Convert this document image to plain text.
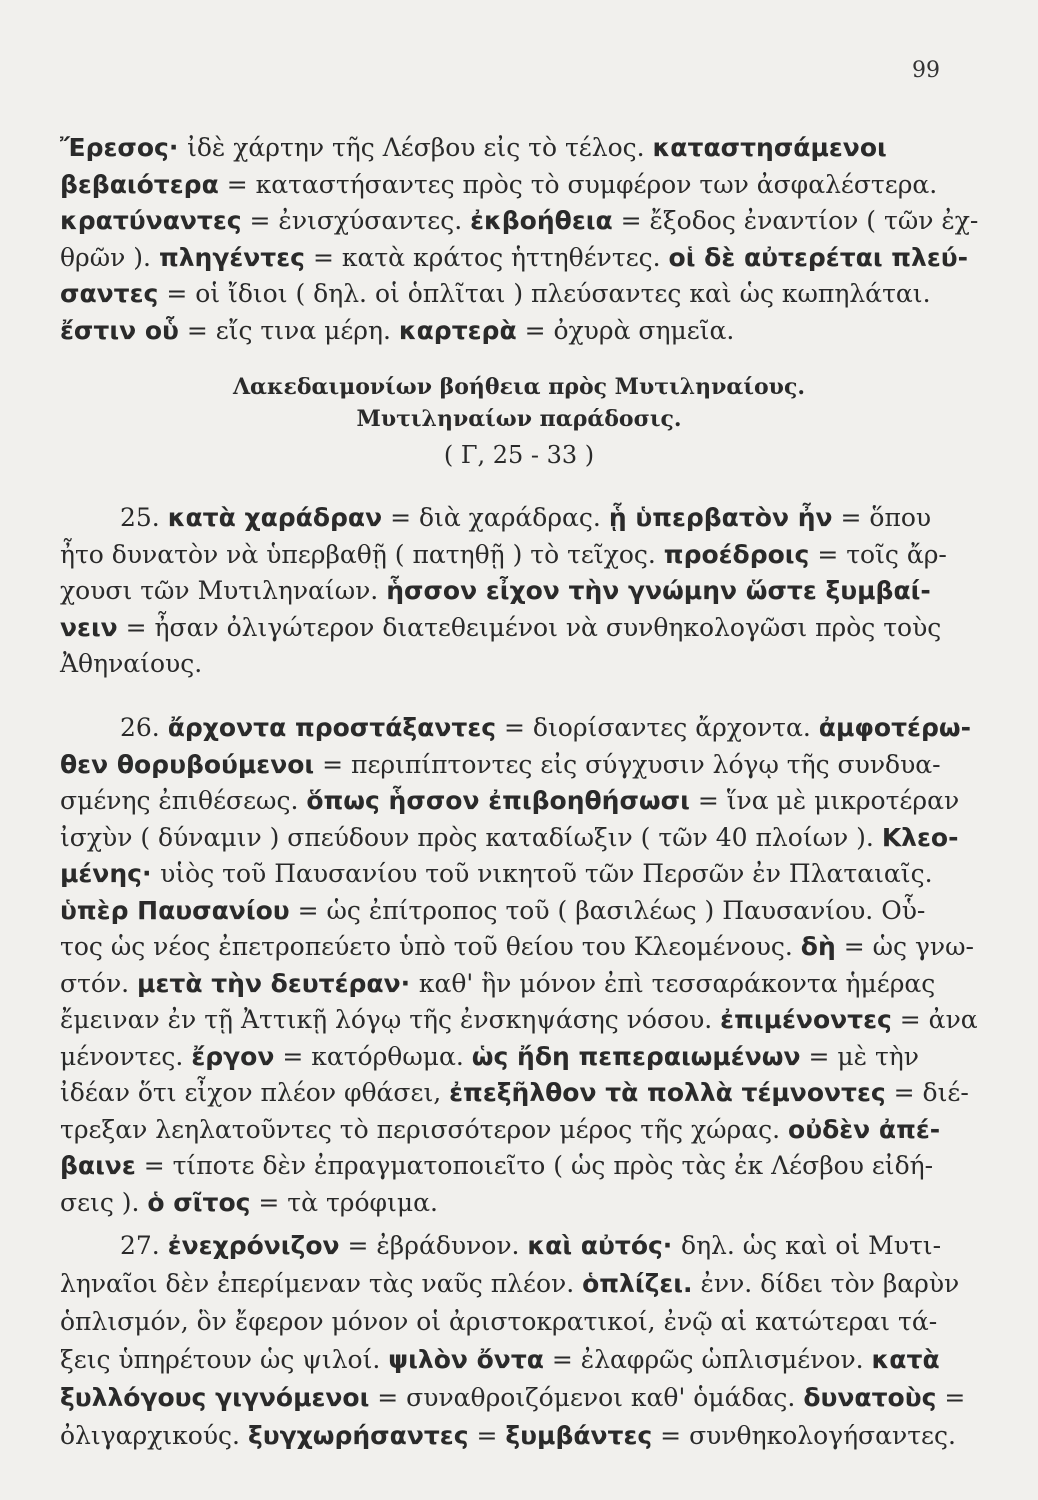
99
Λακεδαιμονίων βοήθεια πρὸς Μυτιληναίους.
Μυτιληναίων παράδοσις.
( Γ, 25 - 33 )
Ἔρεσος· ἰδὲ χάρτην τῆς Λέσβου εἰς τὸ τέλος. καταστησάμενοι
βεβαιότερα = καταστήσαντες πρὸς τὸ συμφέρον των ἀσφαλέστερα.
κρατύναντες = ἐνισχύσαντες. ἐκβοήθεια = ἔξοδος ἐναντίον ( τῶν ἐχ-
θρῶν ). πληγέντες = κατὰ κράτος ἡττηθέντες. οἱ δὲ αὐτερέται πλεύ-
σαντες = οἱ ἴδιοι ( δηλ. οἱ ὁπλῖται ) πλεύσαντες καὶ ὡς κωπηλάται.
ἔστιν οὗ = εἴς τινα μέρη. καρτερὰ = ὀχυρὰ σημεῖα.
25. κατὰ χαράδραν = διὰ χαράδρας. ᾗ ὑπερβατὸν ἦν = ὅπου
ἦτο δυνατὸν νὰ ὑπερβαθῇ ( πατηθῇ ) τὸ τεῖχος. προέδροις = τοῖς ἄρ-
χουσι τῶν Μυτιληναίων. ἧσσον εἶχον τὴν γνώμην ὥστε ξυμβαί-
νειν = ἦσαν ὀλιγώτερον διατεθειμένοι νὰ συνθηκολογῶσι πρὸς τοὺς
Ἀθηναίους.
26. ἄρχοντα προστάξαντες = διορίσαντες ἄρχοντα. ἀμφοτέρω-
θεν θορυβούμενοι = περιπίπτοντες εἰς σύγχυσιν λόγῳ τῆς συνδυα-
σμένης ἐπιθέσεως. ὅπως ἧσσον ἐπιβοηθήσωσι = ἵνα μὲ μικροτέραν
ἰσχὺν ( δύναμιν ) σπεύδουν πρὸς καταδίωξιν ( τῶν 40 πλοίων ). Κλεο-
μένης· υἱὸς τοῦ Παυσανίου τοῦ νικητοῦ τῶν Περσῶν ἐν Πλαταιαῖς.
ὑπὲρ Παυσανίου = ὡς ἐπίτροπος τοῦ ( βασιλέως ) Παυσανίου. Οὗ-
τος ὡς νέος ἐπετροπεύετο ὑπὸ τοῦ θείου του Κλεομένους. δὴ = ὡς γνω-
στόν. μετὰ τὴν δευτέραν· καθ' ἣν μόνον ἐπὶ τεσσαράκοντα ἡμέρας
ἔμειναν ἐν τῇ Ἀττικῇ λόγῳ τῆς ἐνσκηψάσης νόσου. ἐπιμένοντες = ἀνα
μένοντες. ἔργον = κατόρθωμα. ὡς ἤδη πεπεραιωμένων = μὲ τὴν
ἰδέαν ὅτι εἶχον πλέον φθάσει, ἐπεξῆλθον τὰ πολλὰ τέμνοντες = διέ-
τρεξαν λεηλατοῦντες τὸ περισσότερον μέρος τῆς χώρας. οὐδὲν ἀπέ-
βαινε = τίποτε δὲν ἐπραγματοποιεῖτο ( ὡς πρὸς τὰς ἐκ Λέσβου εἰδή-
σεις ). ὁ σῖτος = τὰ τρόφιμα.
27. ἐνεχρόνιζον = ἐβράδυνον. καὶ αὐτός· δηλ. ὡς καὶ οἱ Μυτι-
ληναῖοι δὲν ἐπερίμεναν τὰς ναῦς πλέον. ὁπλίζει. ἐνν. δίδει τὸν βαρὺν
ὁπλισμόν, ὃν ἔφερον μόνον οἱ ἀριστοκρατικοί, ἐνῷ αἱ κατώτεραι τά-
ξεις ὑπηρέτουν ὡς ψιλοί. ψιλὸν ὄντα = ἐλαφρῶς ὡπλισμένον. κατὰ
ξυλλόγους γιγνόμενοι = συναθροιζόμενοι καθ' ὁμάδας. δυνατοὺς =
ὀλιγαρχικούς. ξυγχωρήσαντες = ξυμβάντες = συνθηκολογήσαντες.
